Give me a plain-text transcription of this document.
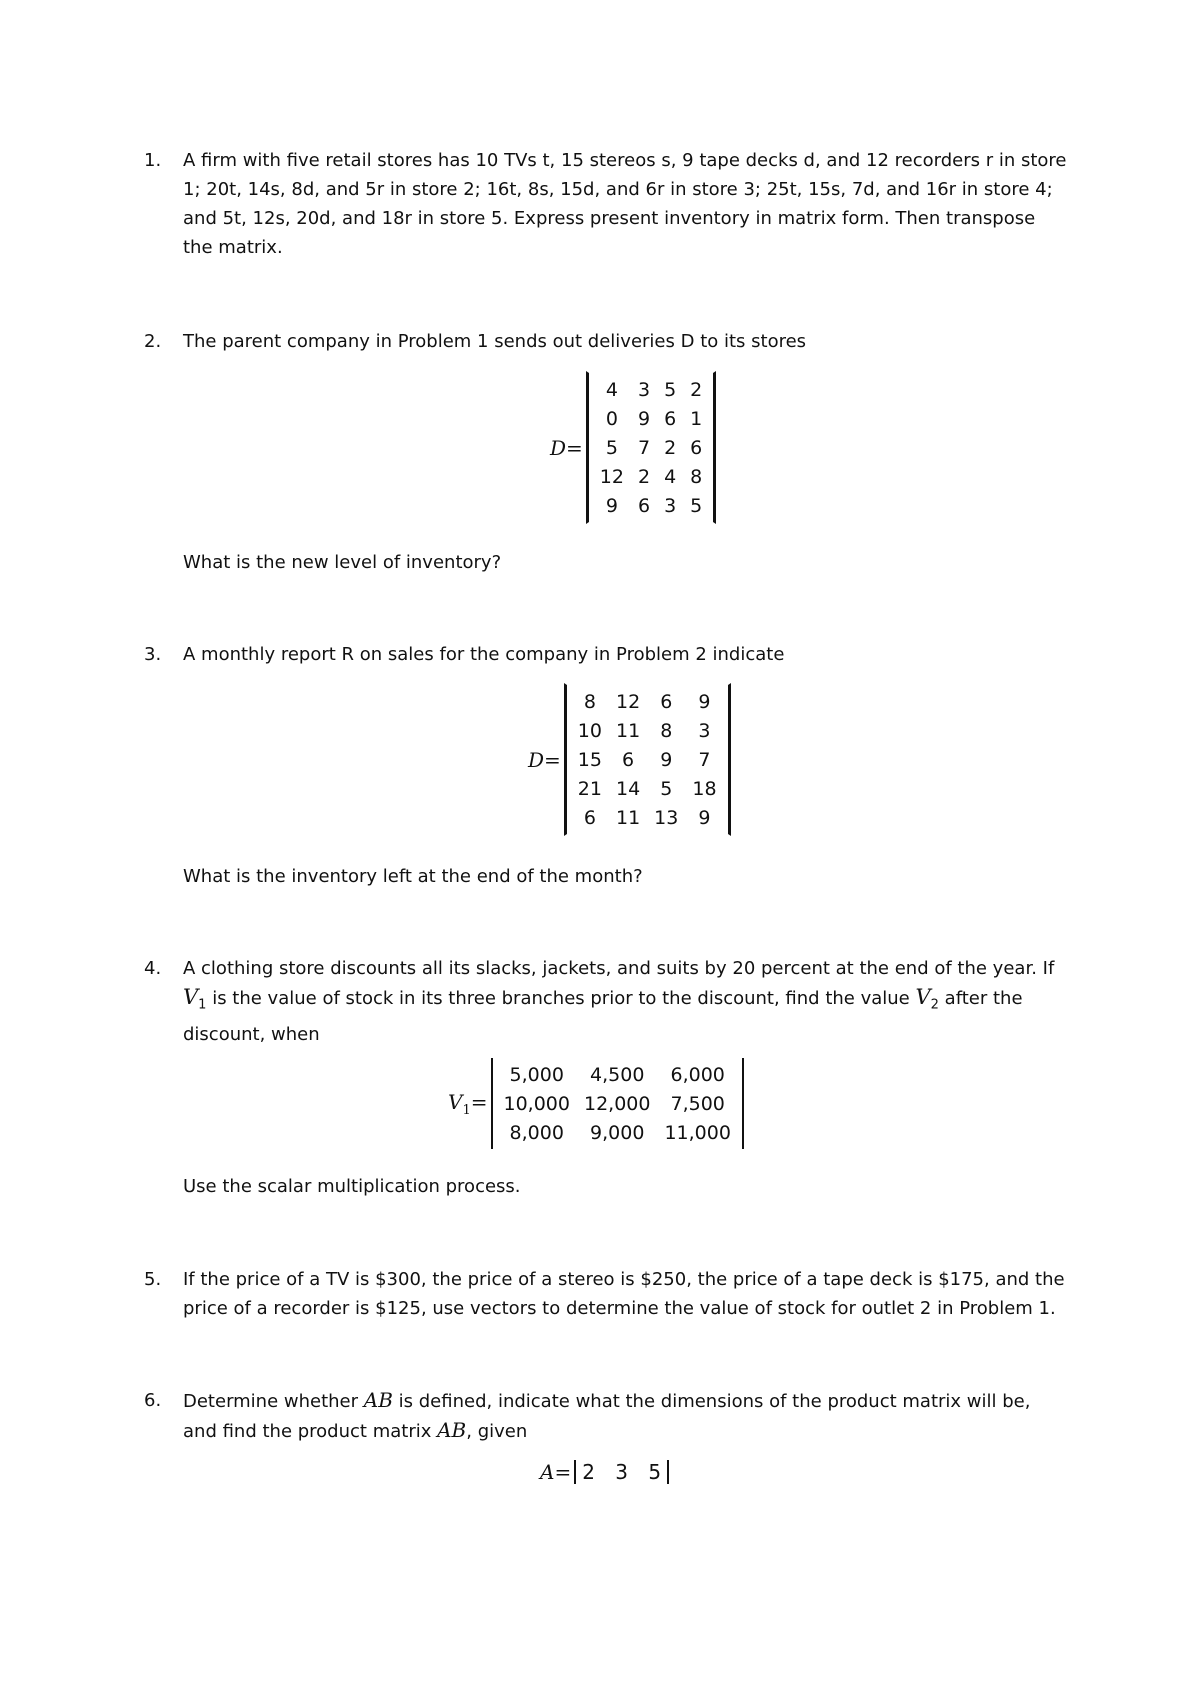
1. A firm with five retail stores has 10 TVs t, 15 stereos s, 9 tape decks d, and 12 recorders r in store
1; 20t, 14s, 8d, and 5r in store 2; 16t, 8s, 15d, and 6r in store 3; 25t, 15s, 7d, and 16r in store 4;
and 5t, 12s, 20d, and 18r in store 5. Express present inventory in matrix form. Then transpose
the matrix.
2. The parent company in Problem 1 sends out deliveries D to its stores
D=
4	3	5	2
0	9	6	1
5	7	2	6
12	2	4	8
9	6	3	5
What is the new level of inventory?
3. A monthly report R on sales for the company in Problem 2 indicate
D=
8	12	6	9
10	11	8	3
15	6	9	7
21	14	5	18
6	11	13	9
What is the inventory left at the end of the month?
4. A clothing store discounts all its slacks, jackets, and suits by 20 percent at the end of the year. If
$V_1$ is the value of stock in its three branches prior to the discount, find the value $V_2$ after the
discount, when
$V_1=$
5,000	4,500	6,000
10,000	12,000	7,500
8,000	9,000	11,000
Use the scalar multiplication process.
5. If the price of a TV is $300, the price of a stereo is $250, the price of a tape deck is $175, and the
price of a recorder is $125, use vectors to determine the value of stock for outlet 2 in Problem 1.
6. Determine whether AB is defined, indicate what the dimensions of the product matrix will be,
and find the product matrix AB, given
A= 2 3 5
